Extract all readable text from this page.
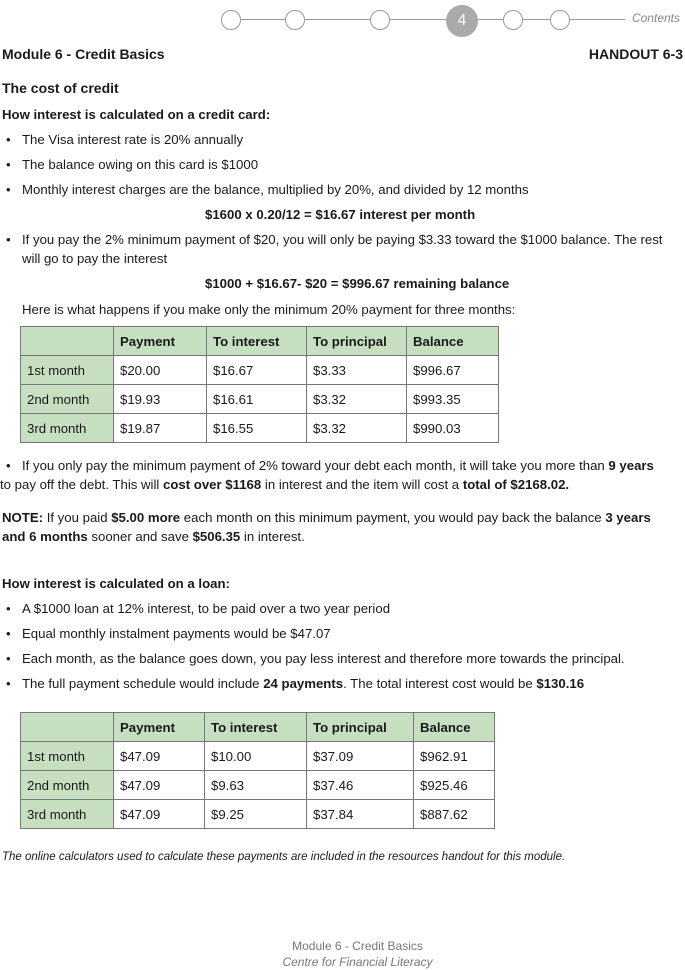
4	Contents
Module 6 - Credit Basics	HANDOUT 6-3
The cost of credit
How interest is calculated on a credit card:
• The Visa interest rate is 20% annually
• The balance owing on this card is $1000
• Monthly interest charges are the balance, multiplied by 20%, and divided by 12 months
$1600 x 0.20/12 = $16.67 interest per month
• If you pay the 2% minimum payment of $20, you will only be paying $3.33 toward the $1000 balance. The rest
will go to pay the interest
$1000 + $16.67- $20 = $996.67 remaining balance
Here is what happens if you make only the minimum 20% payment for three months:
	Payment	To interest	To principal	Balance
1st month	$20.00	$16.67	$3.33	$996.67
2nd month	$19.93	$16.61	$3.32	$993.35
3rd month	$19.87	$16.55	$3.32	$990.03
• If you only pay the minimum payment of 2% toward your debt each month, it will take you more than 9 years
to pay off the debt. This will cost over $1168 in interest and the item will cost a total of $2168.02.
NOTE: If you paid $5.00 more each month on this minimum payment, you would pay back the balance 3 years
and 6 months sooner and save $506.35 in interest.
How interest is calculated on a loan:
• A $1000 loan at 12% interest, to be paid over a two year period
• Equal monthly instalment payments would be $47.07
• Each month, as the balance goes down, you pay less interest and therefore more towards the principal.
• The full payment schedule would include 24 payments. The total interest cost would be $130.16
	Payment	To interest	To principal	Balance
1st month	$47.09	$10.00	$37.09	$962.91
2nd month	$47.09	$9.63	$37.46	$925.46
3rd month	$47.09	$9.25	$37.84	$887.62
The online calculators used to calculate these payments are included in the resources handout for this module.
Module 6 - Credit Basics
Centre for Financial Literacy
